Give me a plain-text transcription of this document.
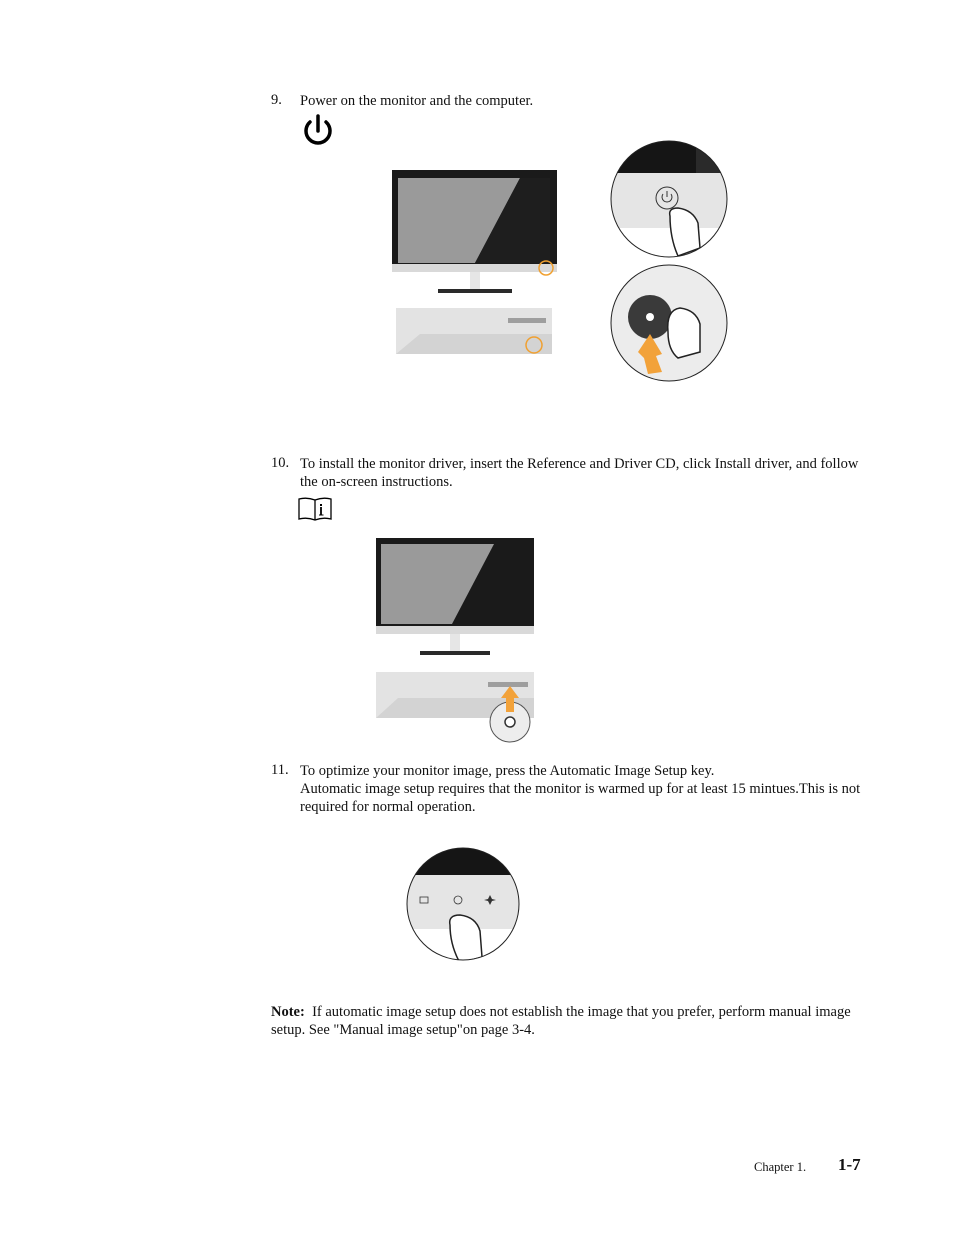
9. Power on the monitor and the computer.
10. To install the monitor driver, insert the Reference and Driver CD, click Install driver, and follow the on-screen instructions.
11. To optimize your monitor image, press the Automatic Image Setup key.
Automatic image setup requires that the monitor is warmed up for at least 15 mintues.This is not required for normal operation.
Note: If automatic image setup does not establish the image that you prefer, perform manual image setup. See "Manual image setup"on page 3-4.
Chapter 1. 1-7
